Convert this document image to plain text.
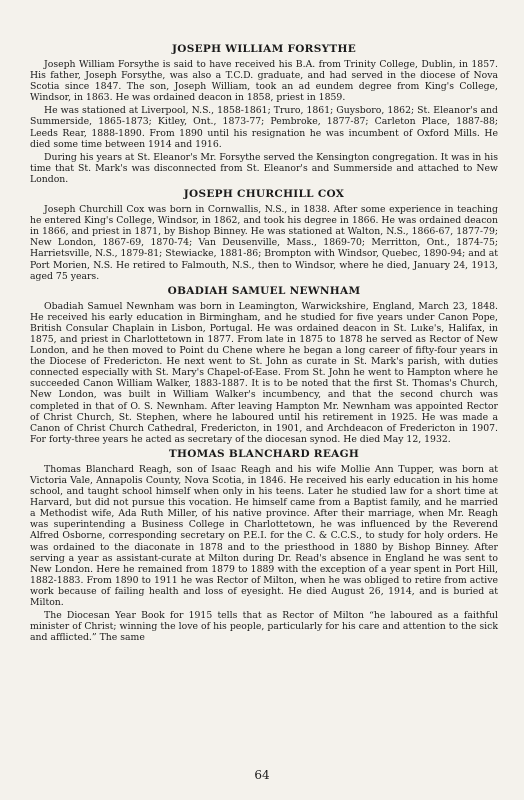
JOSEPH WILLIAM FORSYTHE

Joseph William Forsythe is said to have received his B.A. from Trinity College, Dublin, in 1857. His father, Joseph Forsythe, was also a T.C.D. graduate, and had served in the diocese of Nova Scotia since 1847. The son, Joseph William, took an ad eundem degree from King's College, Windsor, in 1863. He was ordained deacon in 1858, priest in 1859.

He was stationed at Liverpool, N.S., 1858-1861; Truro, 1861; Guysboro, 1862; St. Eleanor's and Summerside, 1865-1873; Kitley, Ont., 1873-77; Pembroke, 1877-87; Carleton Place, 1887-88; Leeds Rear, 1888-1890. From 1890 until his resignation he was incumbent of Oxford Mills. He died some time between 1914 and 1916.

During his years at St. Eleanor's Mr. Forsythe served the Kensington congregation. It was in his time that St. Mark's was disconnected from St. Eleanor's and Summerside and attached to New London.

JOSEPH CHURCHILL COX

Joseph Churchill Cox was born in Cornwallis, N.S., in 1838. After some experience in teaching he entered King's College, Windsor, in 1862, and took his degree in 1866. He was ordained deacon in 1866, and priest in 1871, by Bishop Binney. He was stationed at Walton, N.S., 1866-67, 1877-79; New London, 1867-69, 1870-74; Van Deusenville, Mass., 1869-70; Merritton, Ont., 1874-75; Harrietsville, N.S., 1879-81; Stewiacke, 1881-86; Brompton with Windsor, Quebec, 1890-94; and at Port Morien, N.S. He retired to Falmouth, N.S., then to Windsor, where he died, January 24, 1913, aged 75 years.

OBADIAH SAMUEL NEWNHAM

Obadiah Samuel Newnham was born in Leamington, Warwickshire, England, March 23, 1848. He received his early education in Birmingham, and he studied for five years under Canon Pope, British Consular Chaplain in Lisbon, Portugal. He was ordained deacon in St. Luke's, Halifax, in 1875, and priest in Charlottetown in 1877. From late in 1875 to 1878 he served as Rector of New London, and he then moved to Point du Chene where he began a long career of fifty-four years in the Diocese of Fredericton. He next went to St. John as curate in St. Mark's parish, with duties connected especially with St. Mary's Chapel-of-Ease. From St. John he went to Hampton where he succeeded Canon William Walker, 1883-1887. It is to be noted that the first St. Thomas's Church, New London, was built in William Walker's incumbency, and that the second church was completed in that of O. S. Newnham. After leaving Hampton Mr. Newnham was appointed Rector of Christ Church, St. Stephen, where he laboured until his retirement in 1925. He was made a Canon of Christ Church Cathedral, Fredericton, in 1901, and Archdeacon of Fredericton in 1907. For forty-three years he acted as secretary of the diocesan synod. He died May 12, 1932.

THOMAS BLANCHARD REAGH

Thomas Blanchard Reagh, son of Isaac Reagh and his wife Mollie Ann Tupper, was born at Victoria Vale, Annapolis County, Nova Scotia, in 1846. He received his early education in his home school, and taught school himself when only in his teens. Later he studied law for a short time at Harvard, but did not pursue this vocation. He himself came from a Baptist family, and he married a Methodist wife, Ada Ruth Miller, of his native province. After their marriage, when Mr. Reagh was superintending a Business College in Charlottetown, he was influenced by the Reverend Alfred Osborne, corresponding secretary on P.E.I. for the C. & C.C.S., to study for holy orders. He was ordained to the diaconate in 1878 and to the priesthood in 1880 by Bishop Binney. After serving a year as assistant-curate at Milton during Dr. Read's absence in England he was sent to New London. Here he remained from 1879 to 1889 with the exception of a year spent in Port Hill, 1882-1883. From 1890 to 1911 he was Rector of Milton, when he was obliged to retire from active work because of failing health and loss of eyesight. He died August 26, 1914, and is buried at Milton.

The Diocesan Year Book for 1915 tells that as Rector of Milton “he laboured as a faithful minister of Christ; winning the love of his people, particularly for his care and attention to the sick and afflicted.” The same

64
